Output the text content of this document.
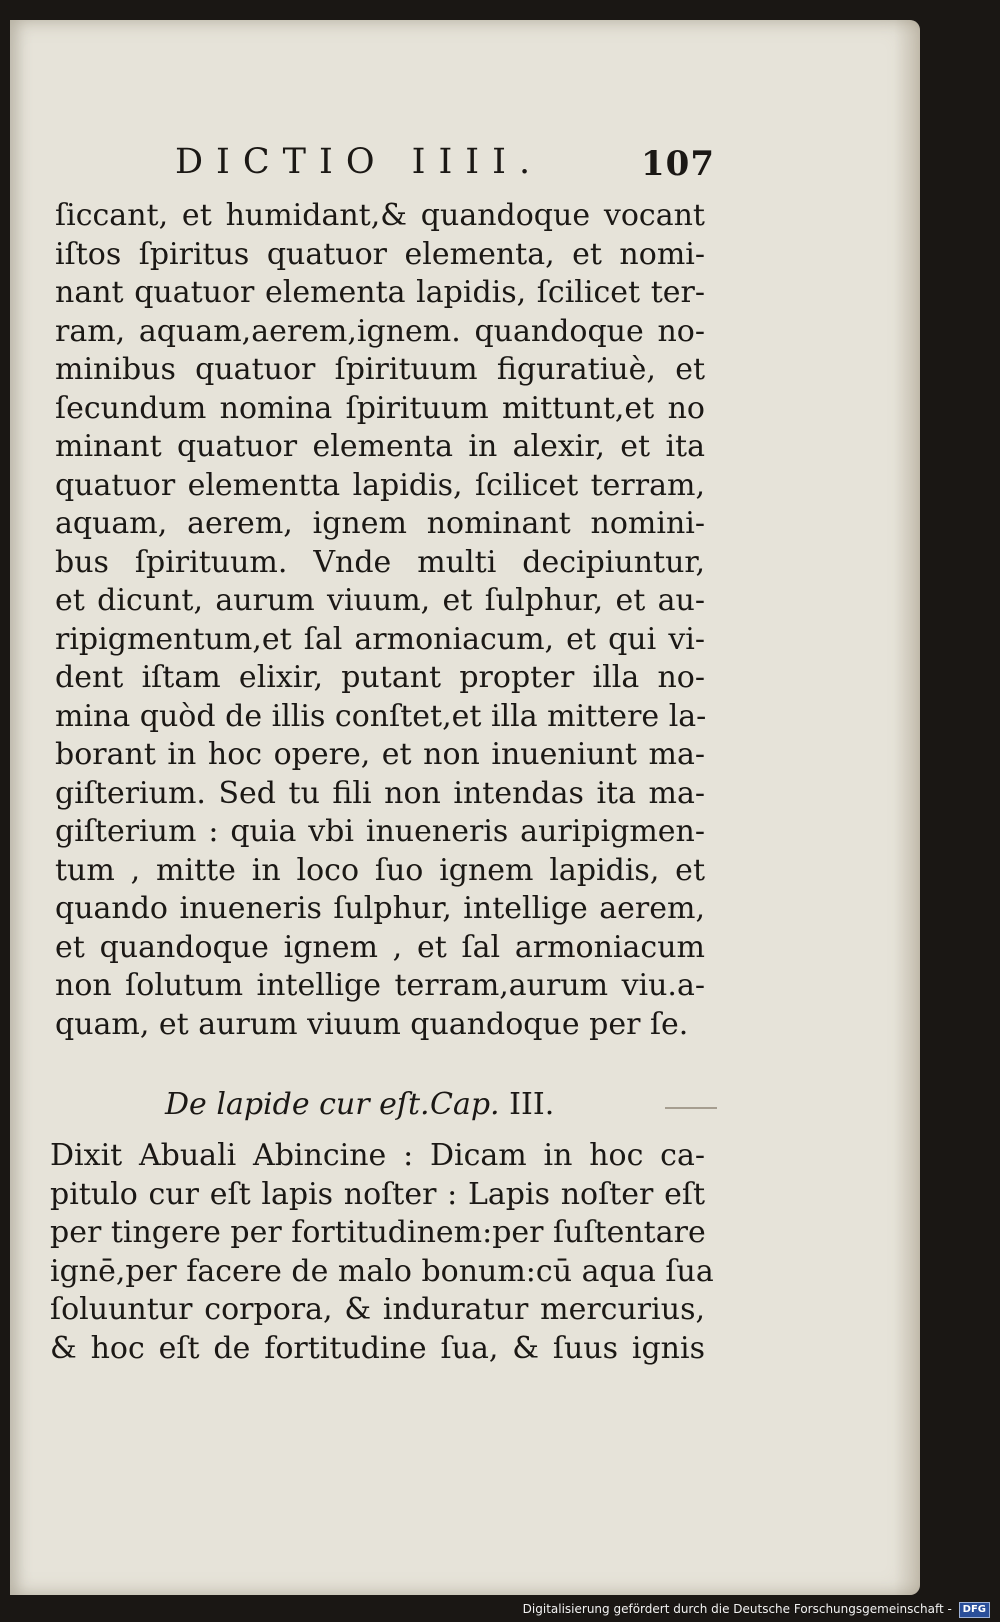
DICTIO IIII.	107
ſiccant, et humidant,& quandoque vocant
iſtos ſpiritus quatuor elementa, et nomi-
nant quatuor elementa lapidis, ſcilicet ter-
ram, aquam,aerem,ignem. quandoque no-
minibus quatuor ſpirituum figuratiuè, et
ſecundum nomina ſpirituum mittunt,et no
minant quatuor elementa in alexir, et ita
quatuor elementta lapidis, ſcilicet terram,
aquam, aerem, ignem nominant nomini-
bus ſpirituum. Vnde multi decipiuntur,
et dicunt, aurum viuum, et ſulphur, et au-
ripigmentum,et ſal armoniacum, et qui vi-
dent iſtam elixir, putant propter illa no-
mina quòd de illis conſtet,et illa mittere la-
borant in hoc opere, et non inueniunt ma-
giſterium. Sed tu fili non intendas ita ma-
giſterium : quia vbi inueneris auripigmen-
tum , mitte in loco ſuo ignem lapidis, et
quando inueneris ſulphur, intellige aerem,
et quandoque ignem , et ſal armoniacum
non ſolutum intellige terram,aurum viu.a-
quam, et aurum viuum quandoque per ſe.
De lapide cur eſt. Cap. III.
Dixit Abuali Abincine : Dicam in hoc ca-
pitulo cur eſt lapis noſter : Lapis noſter eſt
per tingere per fortitudinem:per ſuſtentare
ignē,per facere de malo bonum:cū aqua ſua
ſoluuntur corpora, & induratur mercurius,
& hoc eſt de fortitudine ſua, & ſuus ignis
Digitalisierung gefördert durch die Deutsche Forschungsgemeinschaft - DFG
